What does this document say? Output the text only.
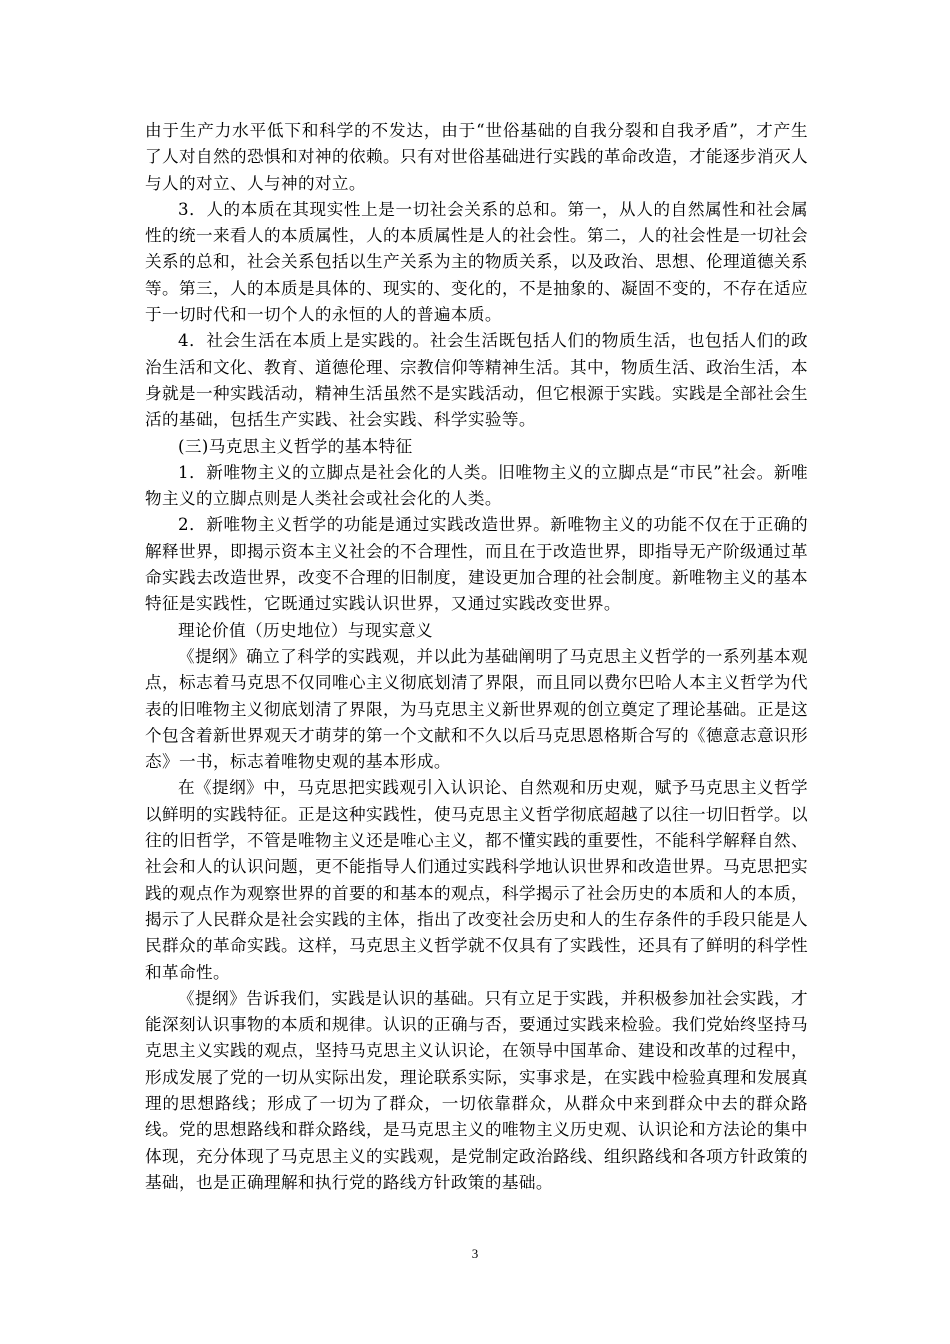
由于生产力水平低下和科学的不发达，由于“世俗基础的自我分裂和自我矛盾”，才产生了人对自然的恐惧和对神的依赖。只有对世俗基础进行实践的革命改造，才能逐步消灭人与人的对立、人与神的对立。

3．人的本质在其现实性上是一切社会关系的总和。第一，从人的自然属性和社会属性的统一来看人的本质属性，人的本质属性是人的社会性。第二，人的社会性是一切社会关系的总和，社会关系包括以生产关系为主的物质关系，以及政治、思想、伦理道德关系等。第三，人的本质是具体的、现实的、变化的，不是抽象的、凝固不变的，不存在适应于一切时代和一切个人的永恒的人的普遍本质。

4．社会生活在本质上是实践的。社会生活既包括人们的物质生活，也包括人们的政治生活和文化、教育、道德伦理、宗教信仰等精神生活。其中，物质生活、政治生活，本身就是一种实践活动，精神生活虽然不是实践活动，但它根源于实践。实践是全部社会生活的基础，包括生产实践、社会实践、科学实验等。

(三)马克思主义哲学的基本特征

1．新唯物主义的立脚点是社会化的人类。旧唯物主义的立脚点是“市民”社会。新唯物主义的立脚点则是人类社会或社会化的人类。

2．新唯物主义哲学的功能是通过实践改造世界。新唯物主义的功能不仅在于正确的解释世界，即揭示资本主义社会的不合理性，而且在于改造世界，即指导无产阶级通过革命实践去改造世界，改变不合理的旧制度，建设更加合理的社会制度。新唯物主义的基本特征是实践性，它既通过实践认识世界，又通过实践改变世界。

理论价值（历史地位）与现实意义

《提纲》确立了科学的实践观，并以此为基础阐明了马克思主义哲学的一系列基本观点，标志着马克思不仅同唯心主义彻底划清了界限，而且同以费尔巴哈人本主义哲学为代表的旧唯物主义彻底划清了界限，为马克思主义新世界观的创立奠定了理论基础。正是这个包含着新世界观天才萌芽的第一个文献和不久以后马克思恩格斯合写的《德意志意识形态》一书，标志着唯物史观的基本形成。

在《提纲》中，马克思把实践观引入认识论、自然观和历史观，赋予马克思主义哲学以鲜明的实践特征。正是这种实践性，使马克思主义哲学彻底超越了以往一切旧哲学。以往的旧哲学，不管是唯物主义还是唯心主义，都不懂实践的重要性，不能科学解释自然、社会和人的认识问题，更不能指导人们通过实践科学地认识世界和改造世界。马克思把实践的观点作为观察世界的首要的和基本的观点，科学揭示了社会历史的本质和人的本质，揭示了人民群众是社会实践的主体，指出了改变社会历史和人的生存条件的手段只能是人民群众的革命实践。这样，马克思主义哲学就不仅具有了实践性，还具有了鲜明的科学性和革命性。

《提纲》告诉我们，实践是认识的基础。只有立足于实践，并积极参加社会实践，才能深刻认识事物的本质和规律。认识的正确与否，要通过实践来检验。我们党始终坚持马克思主义实践的观点，坚持马克思主义认识论，在领导中国革命、建设和改革的过程中，形成发展了党的一切从实际出发，理论联系实际，实事求是，在实践中检验真理和发展真理的思想路线；形成了一切为了群众，一切依靠群众，从群众中来到群众中去的群众路线。党的思想路线和群众路线，是马克思主义的唯物主义历史观、认识论和方法论的集中体现，充分体现了马克思主义的实践观，是党制定政治路线、组织路线和各项方针政策的基础，也是正确理解和执行党的路线方针政策的基础。

3
